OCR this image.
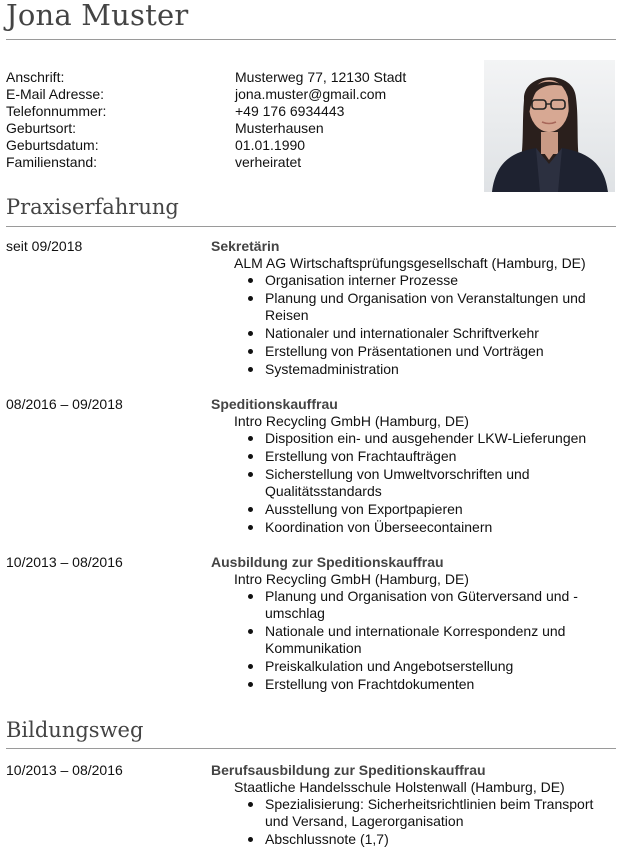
Jona Muster
Anschrift:	Musterweg 77, 12130 Stadt
E-Mail Adresse:	jona.muster@gmail.com
Telefonnummer:	+49 176 6934443
Geburtsort:	Musterhausen
Geburtsdatum:	01.01.1990
Familienstand:	verheiratet
Praxiserfahrung
seit 09/2018	Sekretärin
ALM AG Wirtschaftsprüfungsgesellschaft (Hamburg, DE)
Organisation interner Prozesse
Planung und Organisation von Veranstaltungen und Reisen
Nationaler und internationaler Schriftverkehr
Erstellung von Präsentationen und Vorträgen
Systemadministration
08/2016 – 09/2018	Speditionskauffrau
Intro Recycling GmbH (Hamburg, DE)
Disposition ein- und ausgehender LKW-Lieferungen
Erstellung von Frachtaufträgen
Sicherstellung von Umweltvorschriften und Qualitätsstandards
Ausstellung von Exportpapieren
Koordination von Überseecontainern
10/2013 – 08/2016	Ausbildung zur Speditionskauffrau
Intro Recycling GmbH (Hamburg, DE)
Planung und Organisation von Güterversand und -umschlag
Nationale und internationale Korrespondenz und Kommunikation
Preiskalkulation und Angebotserstellung
Erstellung von Frachtdokumenten
Bildungsweg
10/2013 – 08/2016	Berufsausbildung zur Speditionskauffrau
Staatliche Handelsschule Holstenwall (Hamburg, DE)
Spezialisierung: Sicherheitsrichtlinien beim Transport und Versand, Lagerorganisation
Abschlussnote (1,7)
